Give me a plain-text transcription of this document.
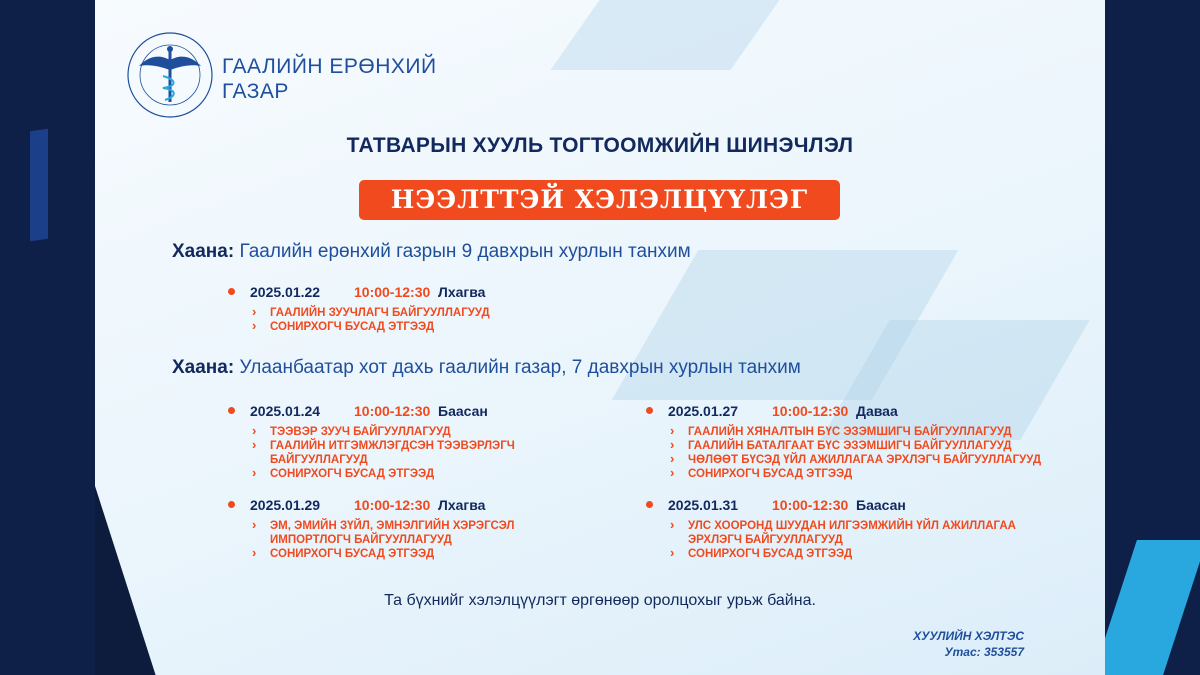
ГААЛИЙН ЕРӨНХИЙ
ГАЗАР
ТАТВАРЫН ХУУЛЬ ТОГТООМЖИЙН ШИНЭЧЛЭЛ
НЭЭЛТТЭЙ ХЭЛЭЛЦҮҮЛЭГ
Хаана: Гаалийн ерөнхий газрын 9 давхрын хурлын танхим
Хаана: Улаанбаатар хот дахь гаалийн газар, 7 давхрын хурлын танхим
2025.01.22 10:00-12:30 Лхагва
› ГААЛИЙН ЗУУЧЛАГЧ БАЙГУУЛЛАГУУД
› СОНИРХОГЧ БУСАД ЭТГЭЭД
2025.01.24 10:00-12:30 Баасан
› ТЭЭВЭР ЗУУЧ БАЙГУУЛЛАГУУД
› ГААЛИЙН ИТГЭМЖЛЭГДСЭН ТЭЭВЭРЛЭГЧ БАЙГУУЛЛАГУУД
› СОНИРХОГЧ БУСАД ЭТГЭЭД
2025.01.29 10:00-12:30 Лхагва
› ЭМ, ЭМИЙН ЗҮЙЛ, ЭМНЭЛГИЙН ХЭРЭГСЭЛ ИМПОРТЛОГЧ БАЙГУУЛЛАГУУД
› СОНИРХОГЧ БУСАД ЭТГЭЭД
2025.01.27 10:00-12:30 Даваа
› ГААЛИЙН ХЯНАЛТЫН БҮС ЭЗЭМШИГЧ БАЙГУУЛЛАГУУД
› ГААЛИЙН БАТАЛГААТ БҮС ЭЗЭМШИГЧ БАЙГУУЛЛАГУУД
› ЧӨЛӨӨТ БҮСЭД ҮЙЛ АЖИЛЛАГАА ЭРХЛЭГЧ БАЙГУУЛЛАГУУД
› СОНИРХОГЧ БУСАД ЭТГЭЭД
2025.01.31 10:00-12:30 Баасан
› УЛС ХООРОНД ШУУДАН ИЛГЭЭМЖИЙН ҮЙЛ АЖИЛЛАГАА ЭРХЛЭГЧ БАЙГУУЛЛАГУУД
› СОНИРХОГЧ БУСАД ЭТГЭЭД
Та бүхнийг хэлэлцүүлэгт өргөнөөр оролцохыг урьж байна.
ХУУЛИЙН ХЭЛТЭС
Утас: 353557
